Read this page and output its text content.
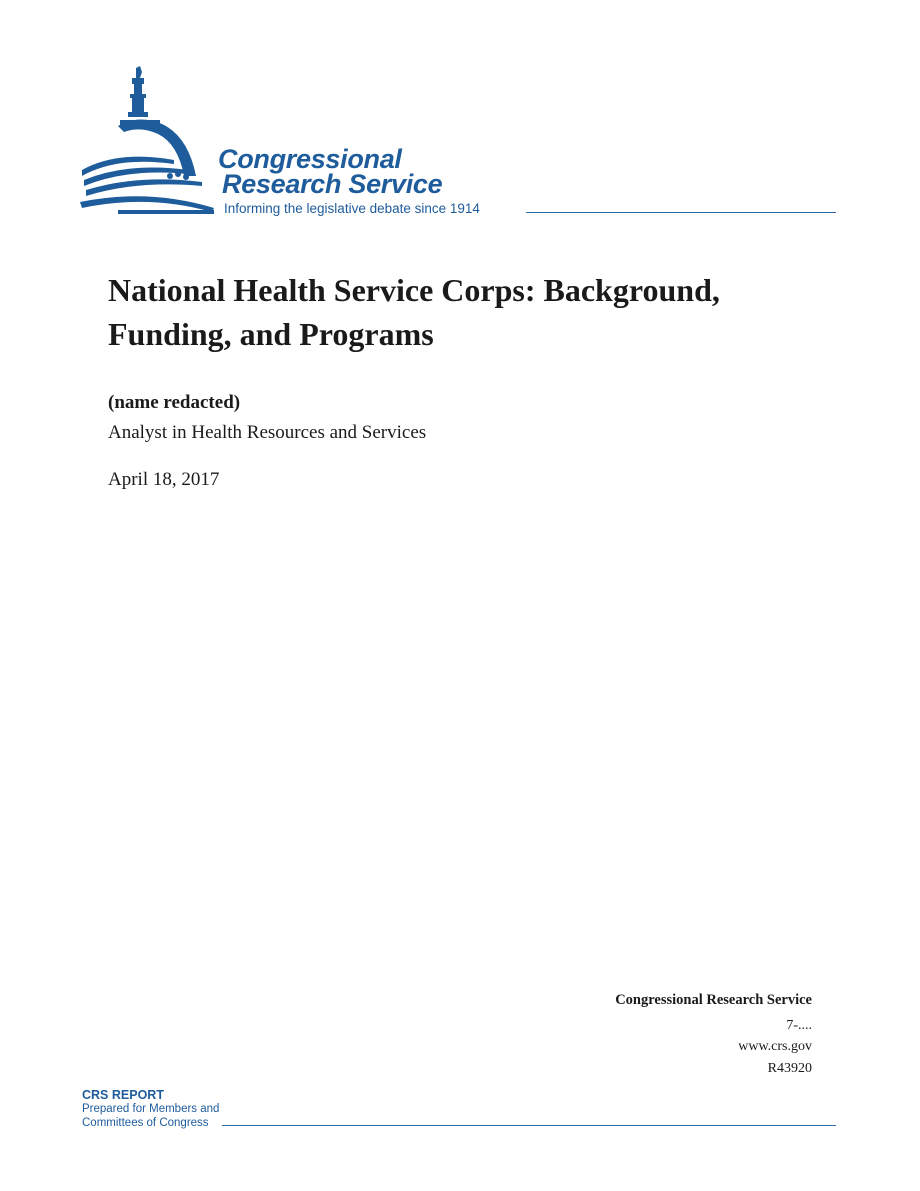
Congressional
Research Service
Informing the legislative debate since 1914
National Health Service Corps: Background, Funding, and Programs
(name redacted)
Analyst in Health Resources and Services
April 18, 2017
Congressional Research Service
7-....
www.crs.gov
R43920
CRS REPORT
Prepared for Members and
Committees of Congress
